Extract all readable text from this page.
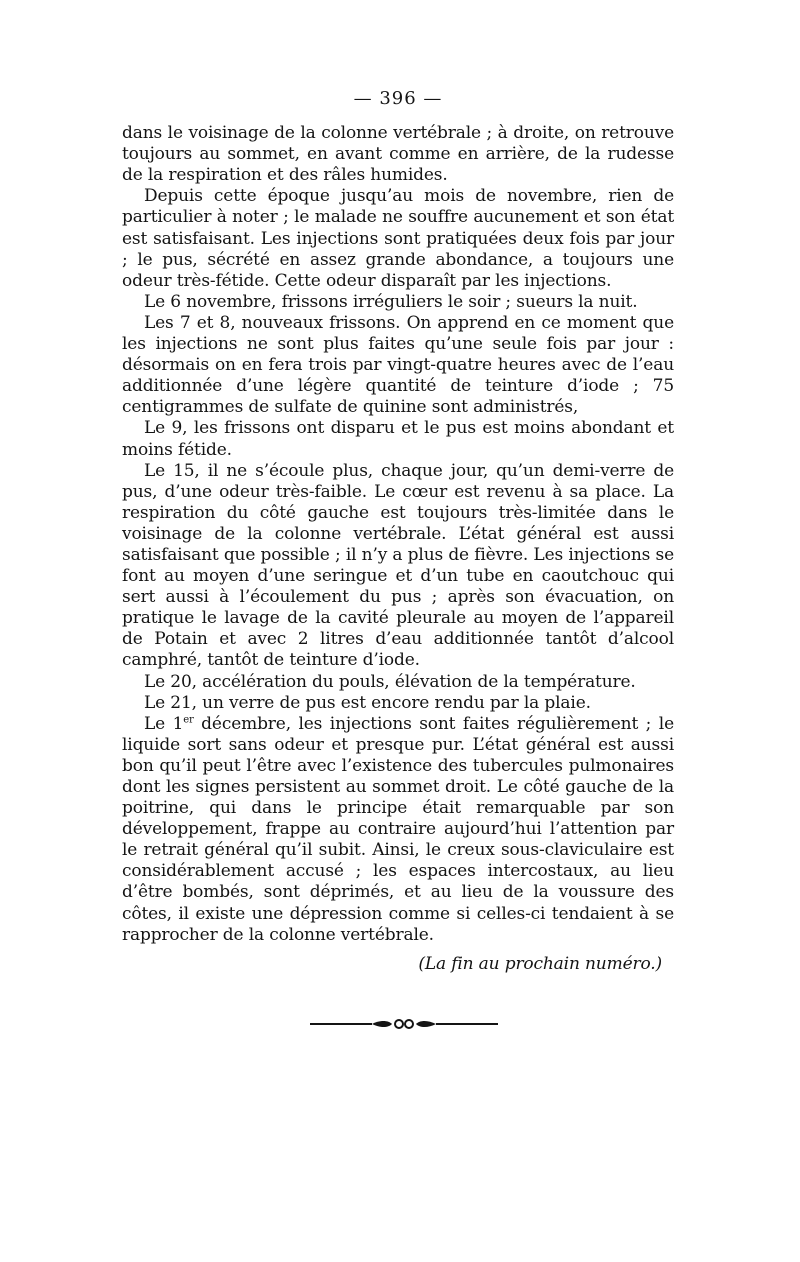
— 396 —

dans le voisinage de la colonne vertébrale ; à droite, on retrouve toujours au sommet, en avant comme en arrière, de la rudesse de la respiration et des râles humides.

Depuis cette époque jusqu’au mois de novembre, rien de particulier à noter ; le malade ne souffre aucunement et son état est satisfaisant. Les injections sont pratiquées deux fois par jour ; le pus, sécrété en assez grande abondance, a toujours une odeur très-fétide. Cette odeur disparaît par les injections.

Le 6 novembre, frissons irréguliers le soir ; sueurs la nuit.

Les 7 et 8, nouveaux frissons. On apprend en ce moment que les injections ne sont plus faites qu’une seule fois par jour : désormais on en fera trois par vingt-quatre heures avec de l’eau additionnée d’une légère quantité de teinture d’iode ; 75 centigrammes de sulfate de quinine sont administrés,

Le 9, les frissons ont disparu et le pus est moins abondant et moins fétide.

Le 15, il ne s’écoule plus, chaque jour, qu’un demi-verre de pus, d’une odeur très-faible. Le cœur est revenu à sa place. La respiration du côté gauche est toujours très-limitée dans le voisinage de la colonne vertébrale. L’état général est aussi satisfaisant que possible ; il n’y a plus de fièvre. Les injections se font au moyen d’une seringue et d’un tube en caoutchouc qui sert aussi à l’écoulement du pus ; après son évacuation, on pratique le lavage de la cavité pleurale au moyen de l’appareil de Potain et avec 2 litres d’eau additionnée tantôt d’alcool camphré, tantôt de teinture d’iode.

Le 20, accélération du pouls, élévation de la température.

Le 21, un verre de pus est encore rendu par la plaie.

Le 1er décembre, les injections sont faites régulièrement ; le liquide sort sans odeur et presque pur. L’état général est aussi bon qu’il peut l’être avec l’existence des tubercules pulmonaires dont les signes persistent au sommet droit. Le côté gauche de la poitrine, qui dans le principe était remarquable par son développement, frappe au contraire aujourd’hui l’attention par le retrait général qu’il subit. Ainsi, le creux sous-claviculaire est considérablement accusé ; les espaces intercostaux, au lieu d’être bombés, sont déprimés, et au lieu de la voussure des côtes, il existe une dépression comme si celles-ci tendaient à se rapprocher de la colonne vertébrale.

(La fin au prochain numéro.)
